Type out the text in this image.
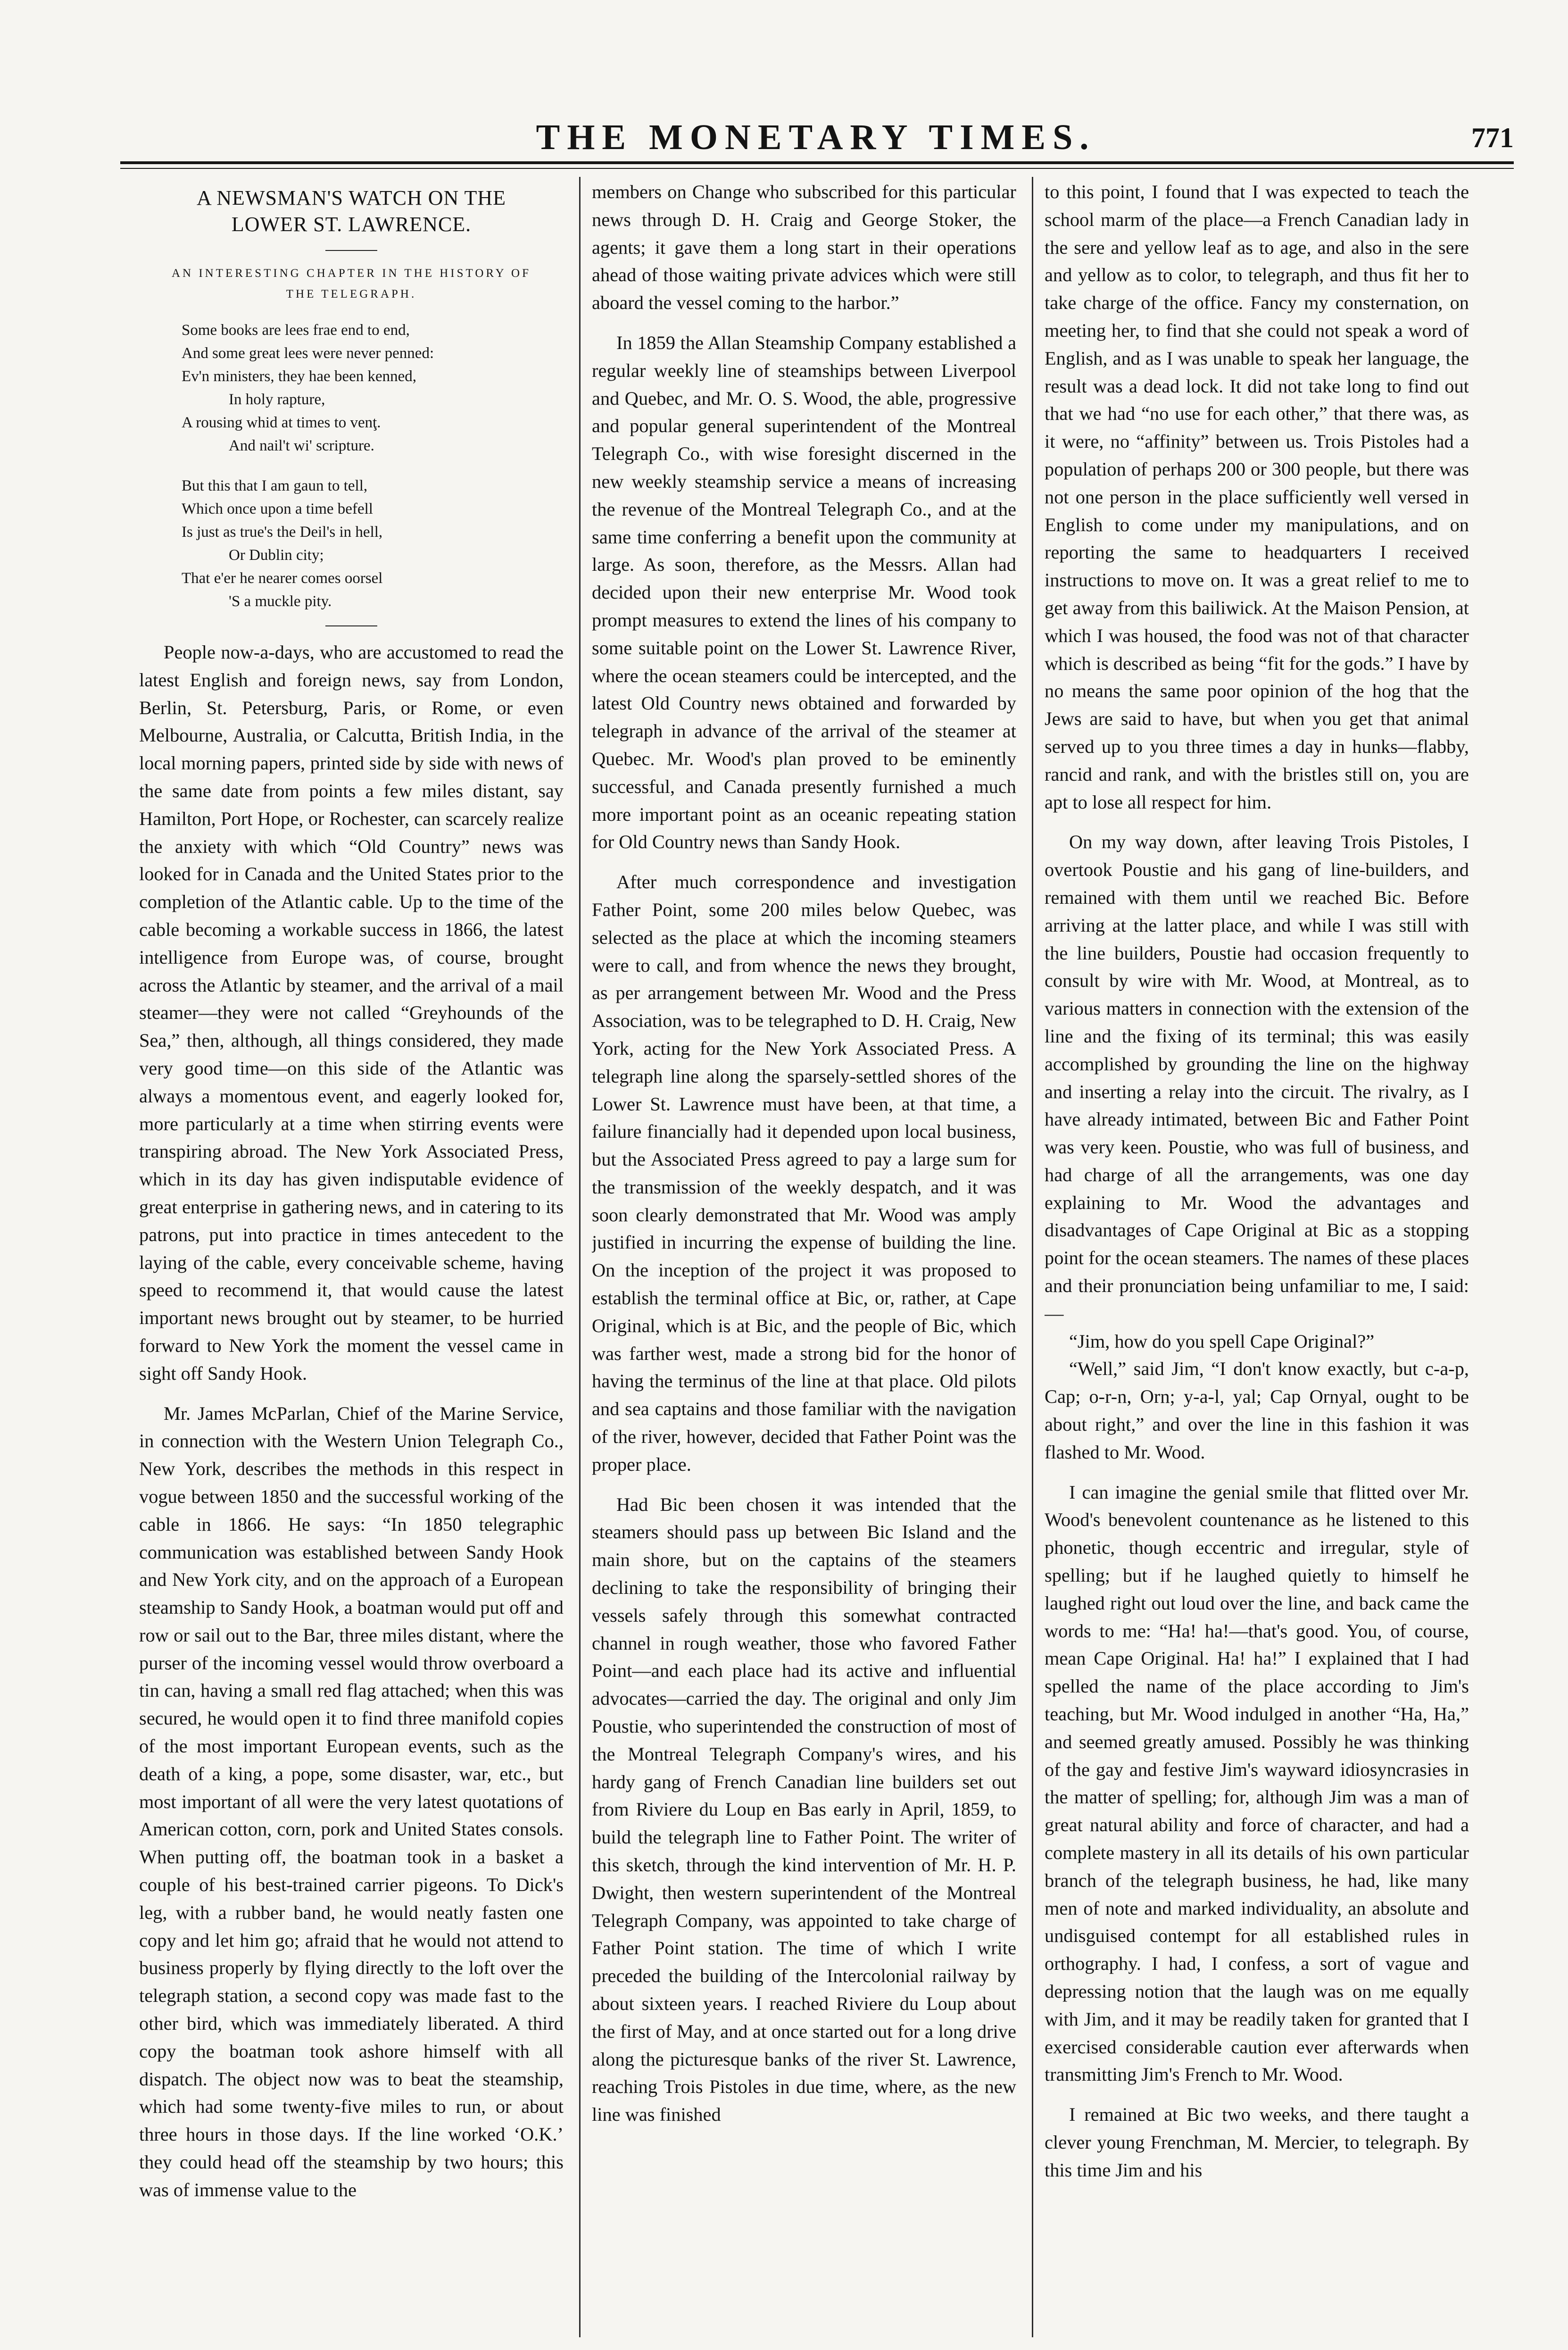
THE MONETARY TIMES.	771
A NEWSMAN'S WATCH ON THE
LOWER ST. LAWRENCE.
AN INTERESTING CHAPTER IN THE HISTORY OF
THE TELEGRAPH.
Some books are lees frae end to end,
And some great lees were never penned:
Ev'n ministers, they hae been kenned,
In holy rapture,
A rousing whid at times to venţ.
And nail't wi' scripture.
But this that I am gaun to tell,
Which once upon a time befell
Is just as true's the Deil's in hell,
Or Dublin city;
That e'er he nearer comes oorsel
'S a muckle pity.

People now-a-days, who are accustomed to read the latest English and foreign news, say from London, Berlin, St. Petersburg, Paris, or Rome, or even Melbourne, Australia, or Calcutta, British India, in the local morning papers, printed side by side with news of the same date from points a few miles distant, say Hamilton, Port Hope, or Rochester, can scarcely realize the anxiety with which “Old Country” news was looked for in Canada and the United States prior to the completion of the Atlantic cable. Up to the time of the cable becoming a workable success in 1866, the latest intelligence from Europe was, of course, brought across the Atlantic by steamer, and the arrival of a mail steamer—they were not called “Greyhounds of the Sea,” then, although, all things considered, they made very good time—on this side of the Atlantic was always a momentous event, and eagerly looked for, more particularly at a time when stirring events were transpiring abroad. The New York Associated Press, which in its day has given indisputable evidence of great enterprise in gathering news, and in catering to its patrons, put into practice in times antecedent to the laying of the cable, every conceivable scheme, having speed to recommend it, that would cause the latest important news brought out by steamer, to be hurried forward to New York the moment the vessel came in sight off Sandy Hook.

Mr. James McParlan, Chief of the Marine Service, in connection with the Western Union Telegraph Co., New York, describes the methods in this respect in vogue between 1850 and the successful working of the cable in 1866. He says: “In 1850 telegraphic communication was established between Sandy Hook and New York city, and on the approach of a European steamship to Sandy Hook, a boatman would put off and row or sail out to the Bar, three miles distant, where the purser of the incoming vessel would throw overboard a tin can, having a small red flag attached; when this was secured, he would open it to find three manifold copies of the most important European events, such as the death of a king, a pope, some disaster, war, etc., but most important of all were the very latest quotations of American cotton, corn, pork and United States consols. When putting off, the boatman took in a basket a couple of his best-trained carrier pigeons. To Dick's leg, with a rubber band, he would neatly fasten one copy and let him go; afraid that he would not attend to business properly by flying directly to the loft over the telegraph station, a second copy was made fast to the other bird, which was immediately liberated. A third copy the boatman took ashore himself with all dispatch. The object now was to beat the steamship, which had some twenty-five miles to run, or about three hours in those days. If the line worked ‘O.K.’ they could head off the steamship by two hours; this was of immense value to the

members on Change who subscribed for this particular news through D. H. Craig and George Stoker, the agents; it gave them a long start in their operations ahead of those waiting private advices which were still aboard the vessel coming to the harbor.”

In 1859 the Allan Steamship Company established a regular weekly line of steamships between Liverpool and Quebec, and Mr. O. S. Wood, the able, progressive and popular general superintendent of the Montreal Telegraph Co., with wise foresight discerned in the new weekly steamship service a means of increasing the revenue of the Montreal Telegraph Co., and at the same time conferring a benefit upon the community at large. As soon, therefore, as the Messrs. Allan had decided upon their new enterprise Mr. Wood took prompt measures to extend the lines of his company to some suitable point on the Lower St. Lawrence River, where the ocean steamers could be intercepted, and the latest Old Country news obtained and forwarded by telegraph in advance of the arrival of the steamer at Quebec. Mr. Wood's plan proved to be eminently successful, and Canada presently furnished a much more important point as an oceanic repeating station for Old Country news than Sandy Hook.

After much correspondence and investigation Father Point, some 200 miles below Quebec, was selected as the place at which the incoming steamers were to call, and from whence the news they brought, as per arrangement between Mr. Wood and the Press Association, was to be telegraphed to D. H. Craig, New York, acting for the New York Associated Press. A telegraph line along the sparsely-settled shores of the Lower St. Lawrence must have been, at that time, a failure financially had it depended upon local business, but the Associated Press agreed to pay a large sum for the transmission of the weekly despatch, and it was soon clearly demonstrated that Mr. Wood was amply justified in incurring the expense of building the line. On the inception of the project it was proposed to establish the terminal office at Bic, or, rather, at Cape Original, which is at Bic, and the people of Bic, which was farther west, made a strong bid for the honor of having the terminus of the line at that place. Old pilots and sea captains and those familiar with the navigation of the river, however, decided that Father Point was the proper place.

Had Bic been chosen it was intended that the steamers should pass up between Bic Island and the main shore, but on the captains of the steamers declining to take the responsibility of bringing their vessels safely through this somewhat contracted channel in rough weather, those who favored Father Point—and each place had its active and influential advocates—carried the day. The original and only Jim Poustie, who superintended the construction of most of the Montreal Telegraph Company's wires, and his hardy gang of French Canadian line builders set out from Riviere du Loup en Bas early in April, 1859, to build the telegraph line to Father Point. The writer of this sketch, through the kind intervention of Mr. H. P. Dwight, then western superintendent of the Montreal Telegraph Company, was appointed to take charge of Father Point station. The time of which I write preceded the building of the Intercolonial railway by about sixteen years. I reached Riviere du Loup about the first of May, and at once started out for a long drive along the picturesque banks of the river St. Lawrence, reaching Trois Pistoles in due time, where, as the new line was finished

to this point, I found that I was expected to teach the school marm of the place—a French Canadian lady in the sere and yellow leaf as to age, and also in the sere and yellow as to color, to telegraph, and thus fit her to take charge of the office. Fancy my consternation, on meeting her, to find that she could not speak a word of English, and as I was unable to speak her language, the result was a dead lock. It did not take long to find out that we had “no use for each other,” that there was, as it were, no “affinity” between us. Trois Pistoles had a population of perhaps 200 or 300 people, but there was not one person in the place sufficiently well versed in English to come under my manipulations, and on reporting the same to headquarters I received instructions to move on. It was a great relief to me to get away from this bailiwick. At the Maison Pension, at which I was housed, the food was not of that character which is described as being “fit for the gods.” I have by no means the same poor opinion of the hog that the Jews are said to have, but when you get that animal served up to you three times a day in hunks—flabby, rancid and rank, and with the bristles still on, you are apt to lose all respect for him.

On my way down, after leaving Trois Pistoles, I overtook Poustie and his gang of line-builders, and remained with them until we reached Bic. Before arriving at the latter place, and while I was still with the line builders, Poustie had occasion frequently to consult by wire with Mr. Wood, at Montreal, as to various matters in connection with the extension of the line and the fixing of its terminal; this was easily accomplished by grounding the line on the highway and inserting a relay into the circuit. The rivalry, as I have already intimated, between Bic and Father Point was very keen. Poustie, who was full of business, and had charge of all the arrangements, was one day explaining to Mr. Wood the advantages and disadvantages of Cape Original at Bic as a stopping point for the ocean steamers. The names of these places and their pronunciation being unfamiliar to me, I said:—

“Jim, how do you spell Cape Original?”

“Well,” said Jim, “I don't know exactly, but c-a-p, Cap; o-r-n, Orn; y-a-l, yal; Cap Ornyal, ought to be about right,” and over the line in this fashion it was flashed to Mr. Wood.

I can imagine the genial smile that flitted over Mr. Wood's benevolent countenance as he listened to this phonetic, though eccentric and irregular, style of spelling; but if he laughed quietly to himself he laughed right out loud over the line, and back came the words to me: “Ha! ha!—that's good. You, of course, mean Cape Original. Ha! ha!” I explained that I had spelled the name of the place according to Jim's teaching, but Mr. Wood indulged in another “Ha, Ha,” and seemed greatly amused. Possibly he was thinking of the gay and festive Jim's wayward idiosyncrasies in the matter of spelling; for, although Jim was a man of great natural ability and force of character, and had a complete mastery in all its details of his own particular branch of the telegraph business, he had, like many men of note and marked individuality, an absolute and undisguised contempt for all established rules in orthography. I had, I confess, a sort of vague and depressing notion that the laugh was on me equally with Jim, and it may be readily taken for granted that I exercised considerable caution ever afterwards when transmitting Jim's French to Mr. Wood.

I remained at Bic two weeks, and there taught a clever young Frenchman, M. Mercier, to telegraph. By this time Jim and his
